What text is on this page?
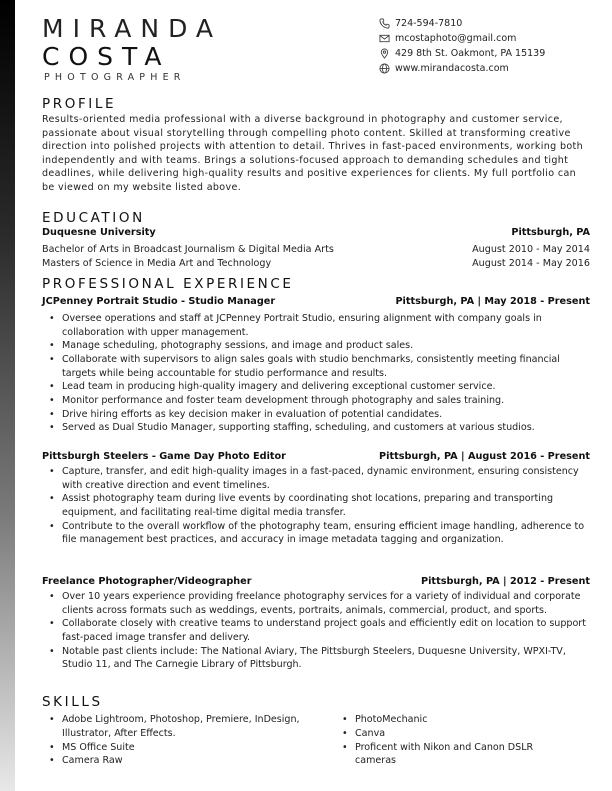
MIRANDA
COSTA
PHOTOGRAPHER
724-594-7810
mcostaphoto@gmail.com
429 8th St. Oakmont, PA 15139
www.mirandacosta.com
PROFILE
Results-oriented media professional with a diverse background in photography and customer service, passionate about visual storytelling through compelling photo content. Skilled at transforming creative direction into polished projects with attention to detail. Thrives in fast-paced environments, working both independently and with teams. Brings a solutions-focused approach to demanding schedules and tight deadlines, while delivering high-quality results and positive experiences for clients. My full portfolio can be viewed on my website listed above.
EDUCATION
Duquesne University	Pittsburgh, PA
Bachelor of Arts in Broadcast Journalism & Digital Media Arts	August 2010 - May 2014
Masters of Science in Media Art and Technology	August 2014 - May 2016
PROFESSIONAL EXPERIENCE
JCPenney Portrait Studio - Studio Manager	Pittsburgh, PA | May 2018 - Present
• Oversee operations and staff at JCPenney Portrait Studio, ensuring alignment with company goals in collaboration with upper management.
• Manage scheduling, photography sessions, and image and product sales.
• Collaborate with supervisors to align sales goals with studio benchmarks, consistently meeting financial targets while being accountable for studio performance and results.
• Lead team in producing high-quality imagery and delivering exceptional customer service.
• Monitor performance and foster team development through photography and sales training.
• Drive hiring efforts as key decision maker in evaluation of potential candidates.
• Served as Dual Studio Manager, supporting staffing, scheduling, and customers at various studios.
Pittsburgh Steelers - Game Day Photo Editor	Pittsburgh, PA | August 2016 - Present
• Capture, transfer, and edit high-quality images in a fast-paced, dynamic environment, ensuring consistency with creative direction and event timelines.
• Assist photography team during live events by coordinating shot locations, preparing and transporting equipment, and facilitating real-time digital media transfer.
• Contribute to the overall workflow of the photography team, ensuring efficient image handling, adherence to file management best practices, and accuracy in image metadata tagging and organization.
Freelance Photographer/Videographer	Pittsburgh, PA | 2012 - Present
• Over 10 years experience providing freelance photography services for a variety of individual and corporate clients across formats such as weddings, events, portraits, animals, commercial, product, and sports.
• Collaborate closely with creative teams to understand project goals and efficiently edit on location to support fast-paced image transfer and delivery.
• Notable past clients include: The National Aviary, The Pittsburgh Steelers, Duquesne University, WPXI-TV, Studio 11, and The Carnegie Library of Pittsburgh.
SKILLS
• Adobe Lightroom, Photoshop, Premiere, InDesign, Illustrator, After Effects.
• MS Office Suite
• Camera Raw
• PhotoMechanic
• Canva
• Proficent with Nikon and Canon DSLR cameras
